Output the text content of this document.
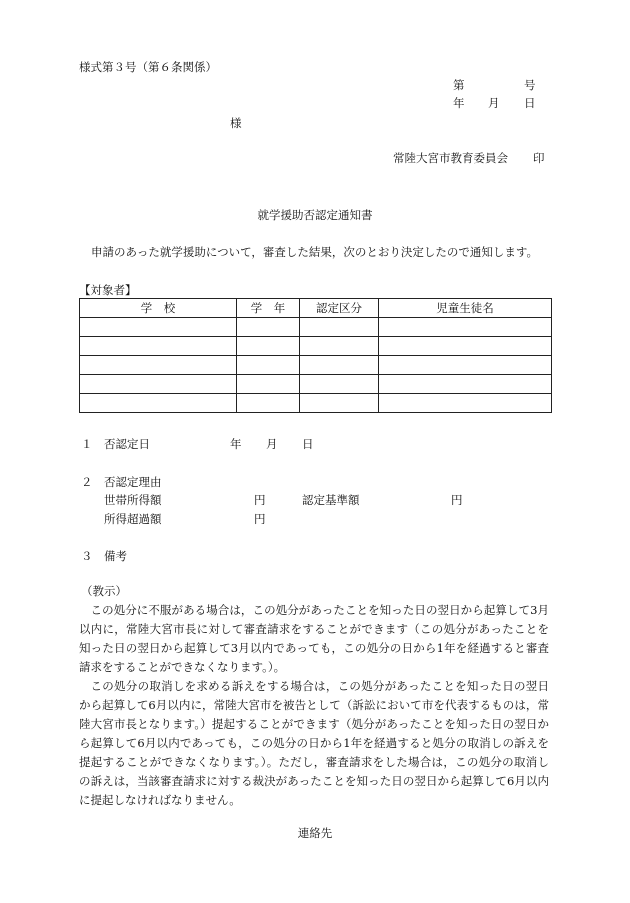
様式第３号（第６条関係）
第	号
年 月 日
様
常陸大宮市教育委員会 印
就学援助否認定通知書
申請のあった就学援助について，審査した結果，次のとおり決定したので通知します。
【対象者】
学　校	学　年	認定区分	児童生徒名

１ 否認定日	年 月 日
２ 否認定理由
世帯所得額	円	認定基準額	円
所得超過額	円
３ 備考
（教示）

この処分に不服がある場合は，この処分があったことを知った日の翌日から起算して3月以内に，常陸大宮市長に対して審査請求をすることができます（この処分があったことを知った日の翌日から起算して3月以内であっても，この処分の日から1年を経過すると審査請求をすることができなくなります。）。

この処分の取消しを求める訴えをする場合は，この処分があったことを知った日の翌日から起算して6月以内に，常陸大宮市を被告として（訴訟において市を代表するものは，常陸大宮市長となります。）提起することができます（処分があったことを知った日の翌日から起算して6月以内であっても，この処分の日から1年を経過すると処分の取消しの訴えを提起することができなくなります。）。ただし，審査請求をした場合は，この処分の取消しの訴えは，当該審査請求に対する裁決があったことを知った日の翌日から起算して6月以内に提起しなければなりません。

連絡先
